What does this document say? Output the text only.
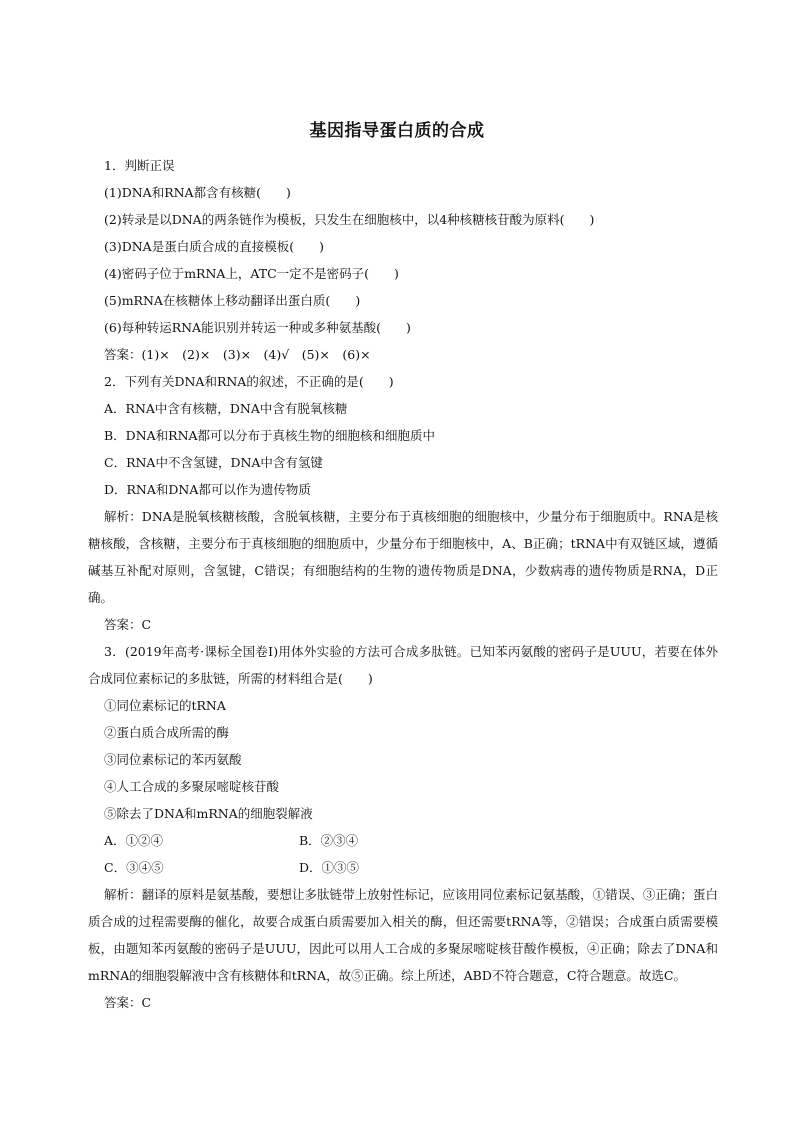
基因指导蛋白质的合成
1．判断正误
(1)DNA和RNA都含有核糖(　　)
(2)转录是以DNA的两条链作为模板，只发生在细胞核中，以4种核糖核苷酸为原料(　　)
(3)DNA是蛋白质合成的直接模板(　　)
(4)密码子位于mRNA上，ATC一定不是密码子(　　)
(5)mRNA在核糖体上移动翻译出蛋白质(　　)
(6)每种转运RNA能识别并转运一种或多种氨基酸(　　)
答案：(1)×　(2)×　(3)×　(4)√　(5)×　(6)×
2．下列有关DNA和RNA的叙述，不正确的是(　　)
A．RNA中含有核糖，DNA中含有脱氧核糖
B．DNA和RNA都可以分布于真核生物的细胞核和细胞质中
C．RNA中不含氢键，DNA中含有氢键
D．RNA和DNA都可以作为遗传物质
解析：DNA是脱氧核糖核酸，含脱氧核糖，主要分布于真核细胞的细胞核中，少量分布于细胞质中。RNA是核糖核酸，含核糖，主要分布于真核细胞的细胞质中，少量分布于细胞核中，A、B正确；tRNA中有双链区域，遵循碱基互补配对原则，含氢键，C错误；有细胞结构的生物的遗传物质是DNA，少数病毒的遗传物质是RNA，D正确。
答案：C
3．(2019年高考·课标全国卷Ⅰ)用体外实验的方法可合成多肽链。已知苯丙氨酸的密码子是UUU，若要在体外合成同位素标记的多肽链，所需的材料组合是(　　)
①同位素标记的tRNA
②蛋白质合成所需的酶
③同位素标记的苯丙氨酸
④人工合成的多聚尿嘧啶核苷酸
⑤除去了DNA和mRNA的细胞裂解液
A．①②④	B．②③④
C．③④⑤	D．①③⑤
解析：翻译的原料是氨基酸，要想让多肽链带上放射性标记，应该用同位素标记氨基酸，①错误、③正确；蛋白质合成的过程需要酶的催化，故要合成蛋白质需要加入相关的酶，但还需要tRNA等，②错误；合成蛋白质需要模板，由题知苯丙氨酸的密码子是UUU，因此可以用人工合成的多聚尿嘧啶核苷酸作模板，④正确；除去了DNA和mRNA的细胞裂解液中含有核糖体和tRNA，故⑤正确。综上所述，ABD不符合题意，C符合题意。故选C。
答案：C
